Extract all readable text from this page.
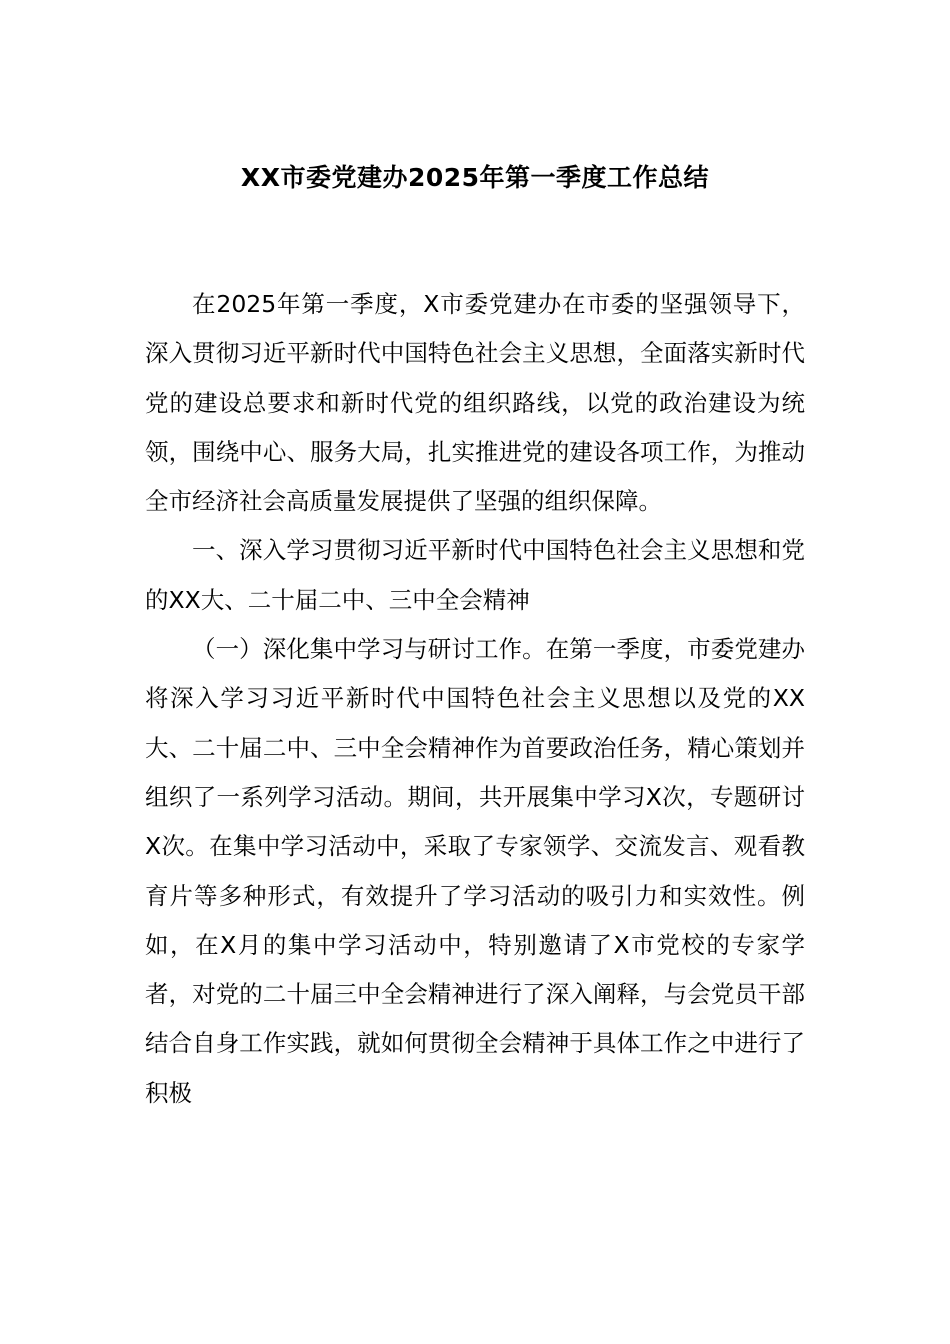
XX市委党建办2025年第一季度工作总结

在2025年第一季度，X市委党建办在市委的坚强领导下，深入贯彻习近平新时代中国特色社会主义思想，全面落实新时代党的建设总要求和新时代党的组织路线，以党的政治建设为统领，围绕中心、服务大局，扎实推进党的建设各项工作，为推动全市经济社会高质量发展提供了坚强的组织保障。

一、深入学习贯彻习近平新时代中国特色社会主义思想和党的XX大、二十届二中、三中全会精神

（一）深化集中学习与研讨工作。在第一季度，市委党建办将深入学习习近平新时代中国特色社会主义思想以及党的XX大、二十届二中、三中全会精神作为首要政治任务，精心策划并组织了一系列学习活动。期间，共开展集中学习X次，专题研讨X次。在集中学习活动中，采取了专家领学、交流发言、观看教育片等多种形式，有效提升了学习活动的吸引力和实效性。例如，在X月的集中学习活动中，特别邀请了X市党校的专家学者，对党的二十届三中全会精神进行了深入阐释，与会党员干部结合自身工作实践，就如何贯彻全会精神于具体工作之中进行了积极
